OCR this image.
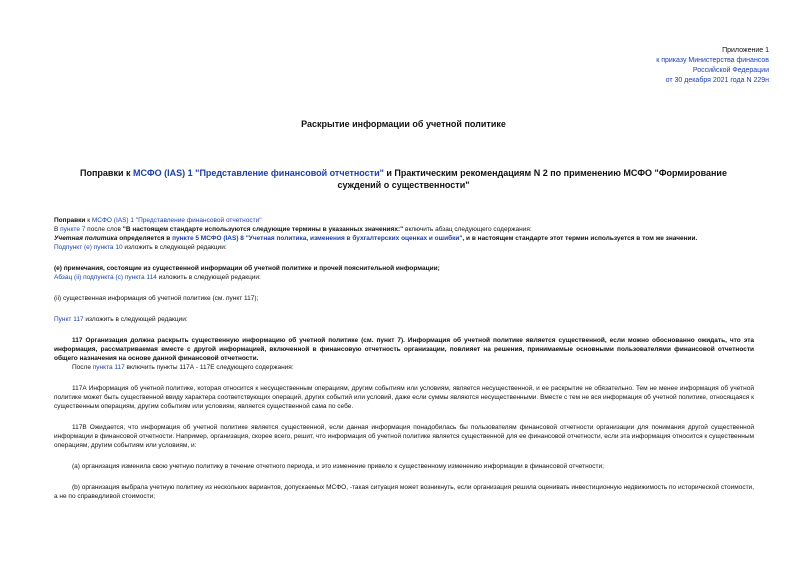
Приложение 1
к приказу Министерства финансов
Российской Федерации
от 30 декабря 2021 года N 229н
Раскрытие информации об учетной политике
Поправки к МСФО (IAS) 1 "Представление финансовой отчетности" и Практическим рекомендациям N 2 по применению МСФО "Формирование суждений о существенности"

Поправки к МСФО (IAS) 1 "Представление финансовой отчетности"

В пункте 7 после слов "В настоящем стандарте используются следующие термины в указанных значениях:" включить абзац следующего содержания:

Учетная политика определяется в пункте 5 МСФО (IAS) 8 "Учетная политика, изменения в бухгалтерских оценках и ошибки", и в настоящем стандарте этот термин используется в том же значении.

Подпункт (e) пункта 10 изложить в следующей редакции:

(e) примечания, состоящие из существенной информации об учетной политике и прочей пояснительной информации;

Абзац (ii) подпункта (c) пункта 114 изложить в следующей редакции:

(ii) существенная информация об учетной политике (см. пункт 117);

Пункт 117 изложить в следующей редакции:

117 Организация должна раскрыть существенную информацию об учетной политике (см. пункт 7). Информация об учетной политике является существенной, если можно обоснованно ожидать, что эта информация, рассматриваемая вместе с другой информацией, включенной в финансовую отчетность организации, повлияет на решения, принимаемые основными пользователями финансовой отчетности общего назначения на основе данной финансовой отчетности.

После пункта 117 включить пункты 117А - 117Е следующего содержания:

117А Информация об учетной политике, которая относится к несущественным операциям, другим событиям или условиям, является несущественной, и ее раскрытие не обязательно. Тем не менее информация об учетной политике может быть существенной ввиду характера соответствующих операций, других событий или условий, даже если суммы являются несущественными. Вместе с тем не вся информация об учетной политике, относящаяся к существенным операциям, другим событиям или условиям, является существенной сама по себе.

117В Ожидается, что информация об учетной политике является существенной, если данная информация понадобилась бы пользователям финансовой отчетности организации для понимания другой существенной информации в финансовой отчетности. Например, организация, скорее всего, решит, что информация об учетной политике является существенной для ее финансовой отчетности, если эта информация относится к существенным операциям, другим событиям или условиям, и:

(a) организация изменила свою учетную политику в течение отчетного периода, и это изменение привело к существенному изменению информации в финансовой отчетности;

(b) организация выбрала учетную политику из нескольких вариантов, допускаемых МСФО, -такая ситуация может возникнуть, если организация решила оценивать инвестиционную недвижимость по исторической стоимости, а не по справедливой стоимости;
